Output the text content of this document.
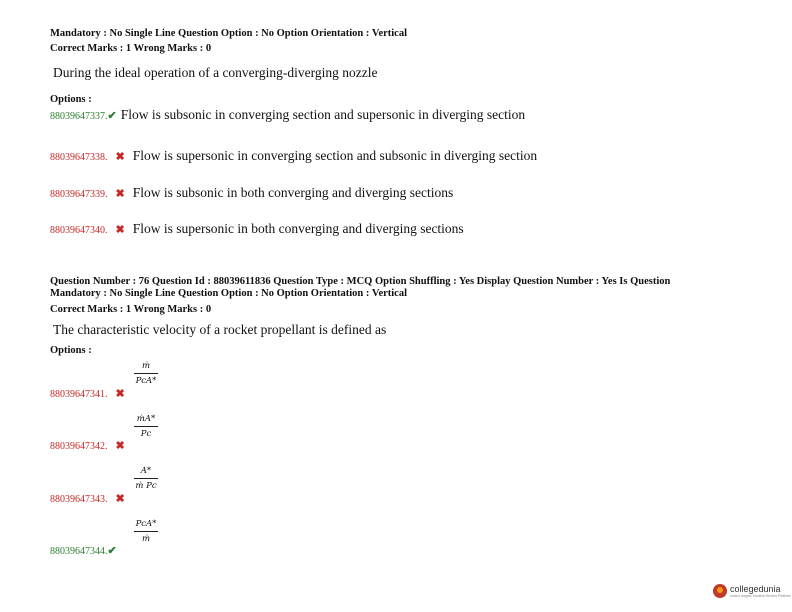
Mandatory : No Single Line Question Option : No Option Orientation : Vertical
Correct Marks : 1 Wrong Marks : 0
During the ideal operation of a converging-diverging nozzle
Options :
88039647337.✔ Flow is subsonic in converging section and supersonic in diverging section
88039647338. ✖ Flow is supersonic in converging section and subsonic in diverging section
88039647339. ✖ Flow is subsonic in both converging and diverging sections
88039647340. ✖ Flow is supersonic in both converging and diverging sections
Question Number : 76 Question Id : 88039611836 Question Type : MCQ Option Shuffling : Yes Display Question Number : Yes Is Question
Mandatory : No Single Line Question Option : No Option Orientation : Vertical
Correct Marks : 1 Wrong Marks : 0
The characteristic velocity of a rocket propellant is defined as
Options :
88039647341. ✖
ṁ
PcA*
88039647342. ✖
ṁA*
Pc
88039647343. ✖
A*
ṁ Pc
88039647344.✔
PcA*
ṁ
collegedunia
India's largest Student Review Platform
